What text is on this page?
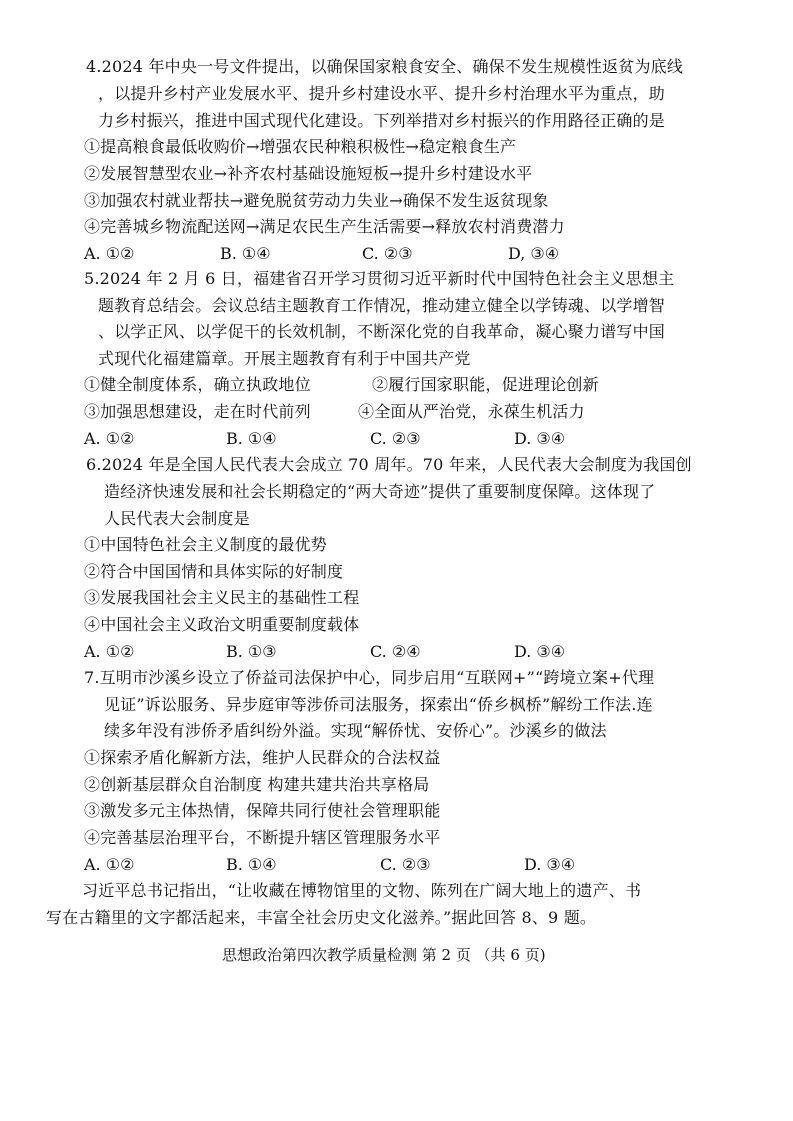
4.2024 年中央一号文件提出，以确保国家粮食安全、确保不发生规模性返贫为底线
，以提升乡村产业发展水平、提升乡村建设水平、提升乡村治理水平为重点，助
力乡村振兴，推进中国式现代化建设。下列举措对乡村振兴的作用路径正确的是
①提高粮食最低收购价→增强农民种粮积极性→稳定粮食生产
②发展智慧型农业→补齐农村基础设施短板→提升乡村建设水平
③加强农村就业帮扶→避免脱贫劳动力失业→确保不发生返贫现象
④完善城乡物流配送网→满足农民生产生活需要→释放农村消费潜力
A. ①②	B. ①④	C. ②③	D, ③④
5.2024 年 2 月 6 日，福建省召开学习贯彻习近平新时代中国特色社会主义思想主
题教育总结会。会议总结主题教育工作情况，推动建立健全以学铸魂、以学增智
、以学正风、以学促干的长效机制，不断深化党的自我革命，凝心聚力谱写中国
式现代化福建篇章。开展主题教育有利于中国共产党
①健全制度体系，确立执政地位	②履行国家职能，促进理论创新
③加强思想建设，走在时代前列	④全面从严治党，永葆生机活力
A. ①②	B. ①④	C. ②③	D. ③④
6.2024 年是全国人民代表大会成立 70 周年。70 年来，人民代表大会制度为我国创
造经济快速发展和社会长期稳定的“两大奇迹”提供了重要制度保障。这体现了
人民代表大会制度是
①中国特色社会主义制度的最优势
②符合中国国情和具体实际的好制度
③发展我国社会主义民主的基础性工程
④中国社会主义政治文明重要制度载体
A. ①②	B. ①③	C. ②④	D. ③④
7.互明市沙溪乡设立了侨益司法保护中心，同步启用“互联网+”“跨境立案+代理
见证”诉讼服务、异步庭审等涉侨司法服务，探索出“侨乡枫桥”解纷工作法.连
续多年没有涉侨矛盾纠纷外溢。实现“解侨忧、安侨心”。沙溪乡的做法
①探索矛盾化解新方法，维护人民群众的合法权益
②创新基层群众自治制度 构建共建共治共享格局
③激发多元主体热情，保障共同行使社会管理职能
④完善基层治理平台，不断提升辖区管理服务水平
A. ①②	B. ①④	C. ②③	D. ③④
习近平总书记指出，“让收藏在博物馆里的文物、陈列在广阔大地上的遗产、书
写在古籍里的文字都活起来，丰富全社会历史文化滋养。”据此回答 8、9 题。
思想政治第四次教学质量检测 第 2 页 （共 6 页)
